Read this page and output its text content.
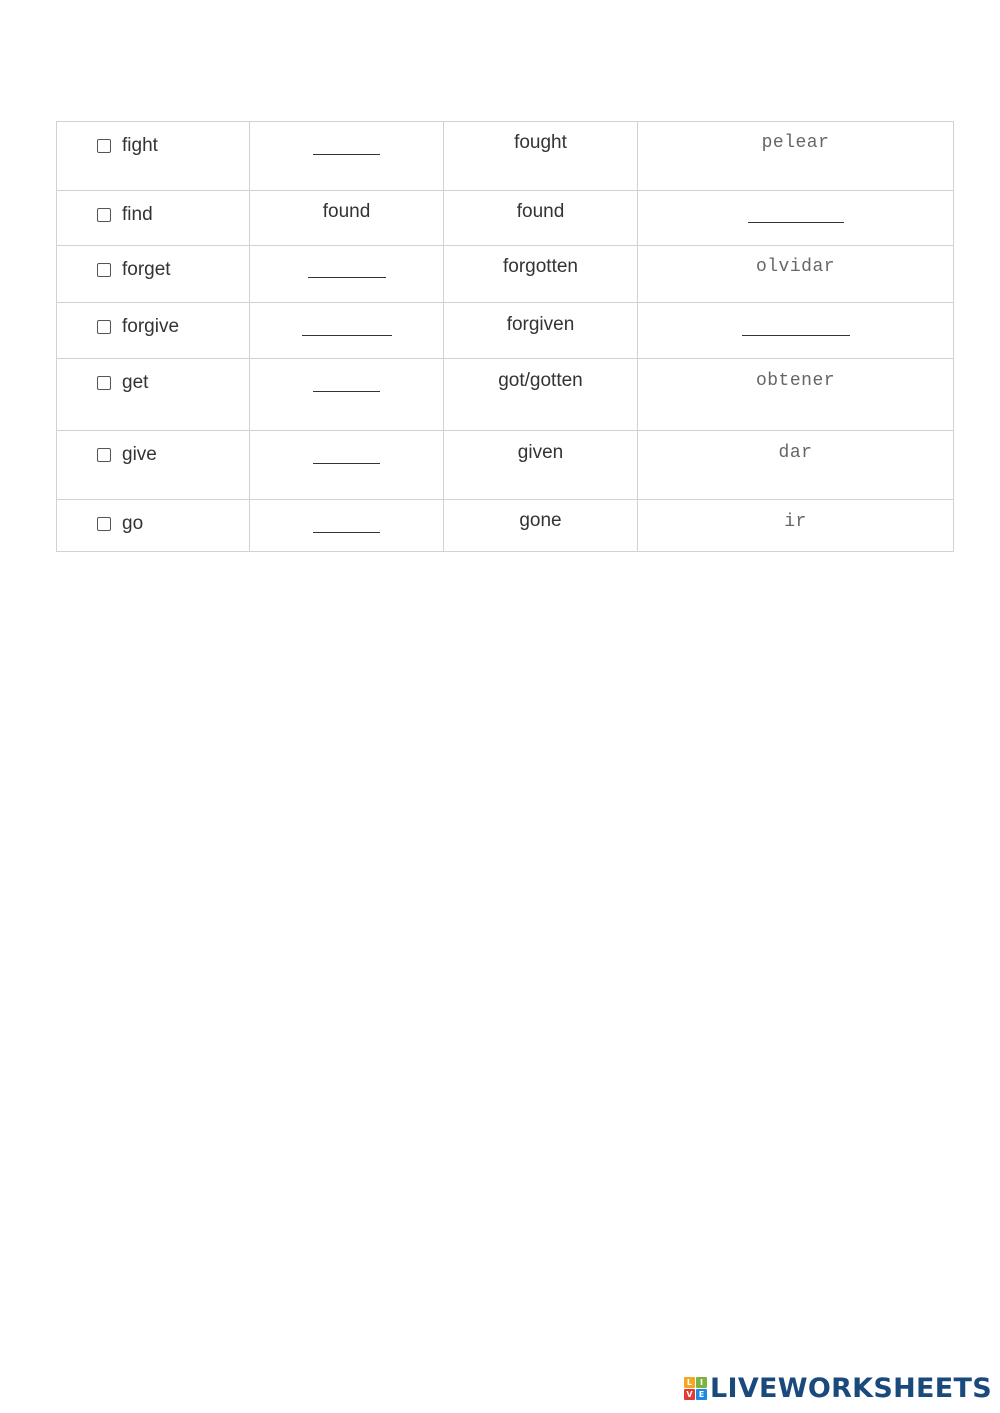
fight		fought	pelear

find	found	found	

forget		forgotten	olvidar

forgive		forgiven	

get		got/gotten	obtener

give		given	dar

go		gone	ir
L I
V E LIVEWORKSHEETS
